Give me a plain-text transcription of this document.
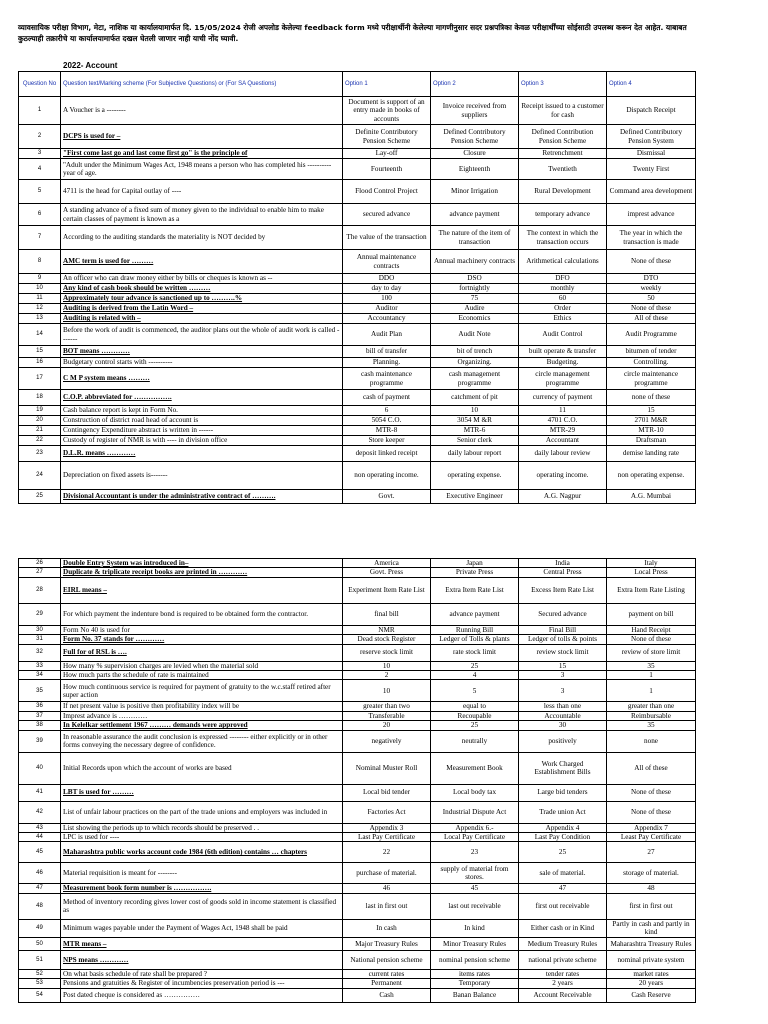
व्यावसायिक परीक्षा विभाग, मेटा, नाशिक या कार्यालयामार्फत दि. 15/05/2024 रोजी अपलोड केलेल्या feedback form मध्ये परीक्षार्थीनी केलेल्या मागणीनुसार सदर प्रश्नपत्रिका केवळ परीक्षार्थींच्या सोईसाठी उपलब्ध करून देत आहेत. याबाबत कुठल्याही तक्रारीचे या कार्यालयामार्फत दखल घेतली जाणार नाही याची नोंद घ्यावी.
2022- Account
Question No	Question text/Marking scheme (For Subjective Questions) or (For SA Questions)	Option 1	Option 2	Option 3	Option 4
1	A Voucher is a --------	Document is support of an entry made in books of accounts	Invoice received from suppliers	Receipt issued to a customer for cash	Dispatch Receipt
2	DCPS is used for –	Definite Contributory Pension Scheme	Defined Contributory Pension Scheme	Defined Contribution Pension Scheme	Defined Contributory Pension System
3	"First come last go and last come first go" is the principle of	Lay-off	Closure	Retrenchment	Dismissal
4	"Adult under the Minimum Wages Act, 1948 means a person who has completed his ----------year of age.	Fourteenth	Eighteenth	Twentieth	Twenty First
5	4711 is the head for Capital outlay of ----	Flood Control Project	Minor Irrigation	Rural Development	Command area development
6	A standing advance of a fixed sum of money given to the individual to enable him to make certain classes of payment is known as a	secured advance	advance payment	temporary advance	imprest advance
7	According to the auditing standards the materiality is NOT decided by	The value of the transaction	The nature of the item of transaction	The context in which the transaction occurs	The year in which the transaction is made
8	AMC term is used for ………	Annual maintenance contracts	Annual machinery contracts	Arithmetical calculations	None of these
9	An officer who can draw money either by bills or cheques is known as --	DDO	DSO	DFO	DTO
10	Any kind of cash book should be written ………	day to day	fortnightly	monthly	weekly
11	Approximately tour advance is sanctioned up to ……….%	100	75	60	50
12	Auditing is derived from the Latin Word –	Auditor	Audire	Order	None of these
13	Auditing is related with –	Accountancy	Economics	Ethics	All of these
14	Before the work of audit is commenced, the auditor plans out the whole of audit work is called -------	Audit Plan	Audit Note	Audit Control	Audit Programme
15	BOT means …………	bill of transfer	bit of trench	built operate & transfer	bitumen of tender
16	Budgetary control starts with ----------	Planning.	Organizing.	Budgeting.	Controlling.
17	C M P system means ………	cash maintenance programme	cash management programme	circle management programme	circle maintenance programme
18	C.O.P. abbreviated for …………….	cash of payment	catchment of pit	currency of payment	none of these
19	Cash balance report is kept in Form No.	6	10	11	15
20	Construction of district road head of account is	5054 C.O.	3054 M &R	4701 C.O.	2701 M&R
21	Contingency Expenditure abstract is written in ------	MTR-8	MTR-6	MTR-29	MTR-10
22	Custody of register of NMR is with ---- in division office	Store keeper	Senior clerk	Accountant	Draftsman
23	D.L.R. means …………	deposit linked receipt	daily labour report	daily labour review	demise landing rate
24	Depreciation on fixed assets is-------	non operating income.	operating expense.	operating income.	non operating expense.
25	Divisional Accountant is under the administrative contract of ……….	Govt.	Executive Engineer	A.G. Nagpur	A.G. Mumbai
26	Double Entry System was introduced in–	America	Japan	India	Italy
27	Duplicate & triplicate receipt books are printed in …………	Govt. Press	Private Press	Central Press	Local Press
28	EIRL means –	Experiment Item Rate List	Extra Item Rate List	Excess Item Rate List	Extra Item Rate Listing
29	For which payment the indenture bond is required to be obtained form the contractor.	final bill	advance payment	Secured advance	payment on bill
30	Form No 40 is used for	NMR	Running Bill	Final Bill	Hand Receipt
31	Form No. 37 stands for …………	Dead stock Register	Ledger of Tolls & plants	Ledger of tolls & points	None of these
32	Full for of RSL is ….	reserve stock limit	rate stock limit	review stock limit	review of store limit
33	How many % supervision charges are levied when the material sold	10	25	15	35
34	How much parts the schedule of rate is maintained	2	4	3	1
35	How much continuous service is required for payment of gratuity to the w.c.staff retired after super action	10	5	3	1
36	If net present value is positive then profitability index will be	greater than two	equal to	less than one	greater than one
37	Imprest advance is …………	Transferable	Recoupable	Accountable	Reimbursable
38	In Kelelkar settlement 1967 ……… demands were approved	20	25	30	35
39	In reasonable assurance the audit conclusion is expressed -------- either explicitly or in other forms conveying the necessary degree of confidence.	negatively	neutrally	positively	none
40	Initial Records upon which the account of works are based	Nominal Muster Roll	Measurement Book	Work Charged Establishment Bills	All of these
41	LBT is used for ………	Local bid tender	Local body tax	Large bid tenders	None of these
42	List of unfair labour practices on the part of the trade unions and employers was included in	Factories Act	Industrial Dispute Act	Trade union Act	None of these
43	List showing the periods up to which records should be preserved . .	Appendix 3	Appendix 6.-	Appendix 4	Appendix 7
44	LPC is used for ----	Last Pay Certificate	Local Pay Certificate	Last Pay Condition	Least Pay Certificate
45	Maharashtra public works account code 1984 (6th edition) contains … chapters	22	23	25	27
46	Material requisition is meant for --------	purchase of material.	supply of material from stores.	sale of material.	storage of material.
47	Measurement book form number is …………….	46	45	47	48
48	Method of inventory recording gives lower cost of goods sold in income statement is classified as	last in first out	last out receivable	first out receivable	first in first out
49	Minimum wages payable under the Payment of Wages Act, 1948 shall be paid	In cash	In kind	Either cash or in Kind	Partly in cash and partly in kind
50	MTR means –	Major Treasury Rules	Minor Treasury Rules	Medium Treasury Rules	Maharashtra Treasury Rules
51	NPS means …………	National pension scheme	nominal pension scheme	national private scheme	nominal private system
52	On what basis schedule of rate shall be prepared ?	current rates	items rates	tender rates	market rates
53	Pensions and gratuities & Register of incumbencies preservation period is ---	Permanent	Temporary	2 years	20 years
54	Post dated cheque is considered as ……………	Cash	Banan Balance	Account Receivable	Cash Reserve
